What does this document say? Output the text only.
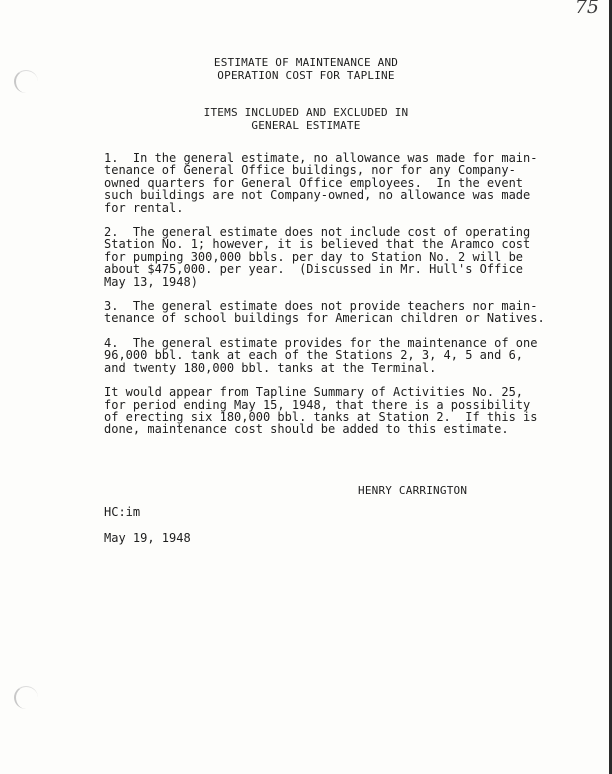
75
ESTIMATE OF MAINTENANCE AND
OPERATION COST FOR TAPLINE
ITEMS INCLUDED AND EXCLUDED IN
GENERAL ESTIMATE
1.  In the general estimate, no allowance was made for main-
tenance of General Office buildings, nor for any Company-
owned quarters for General Office employees.  In the event
such buildings are not Company-owned, no allowance was made
for rental.
2.  The general estimate does not include cost of operating
Station No. 1; however, it is believed that the Aramco cost
for pumping 300,000 bbls. per day to Station No. 2 will be
about $475,000. per year.  (Discussed in Mr. Hull's Office
May 13, 1948)
3.  The general estimate does not provide teachers nor main-
tenance of school buildings for American children or Natives.
4.  The general estimate provides for the maintenance of one
96,000 bbl. tank at each of the Stations 2, 3, 4, 5 and 6,
and twenty 180,000 bbl. tanks at the Terminal.
It would appear from Tapline Summary of Activities No. 25,
for period ending May 15, 1948, that there is a possibility
of erecting six 180,000 bbl. tanks at Station 2.  If this is
done, maintenance cost should be added to this estimate.
HENRY CARRINGTON
HC:im
May 19, 1948
